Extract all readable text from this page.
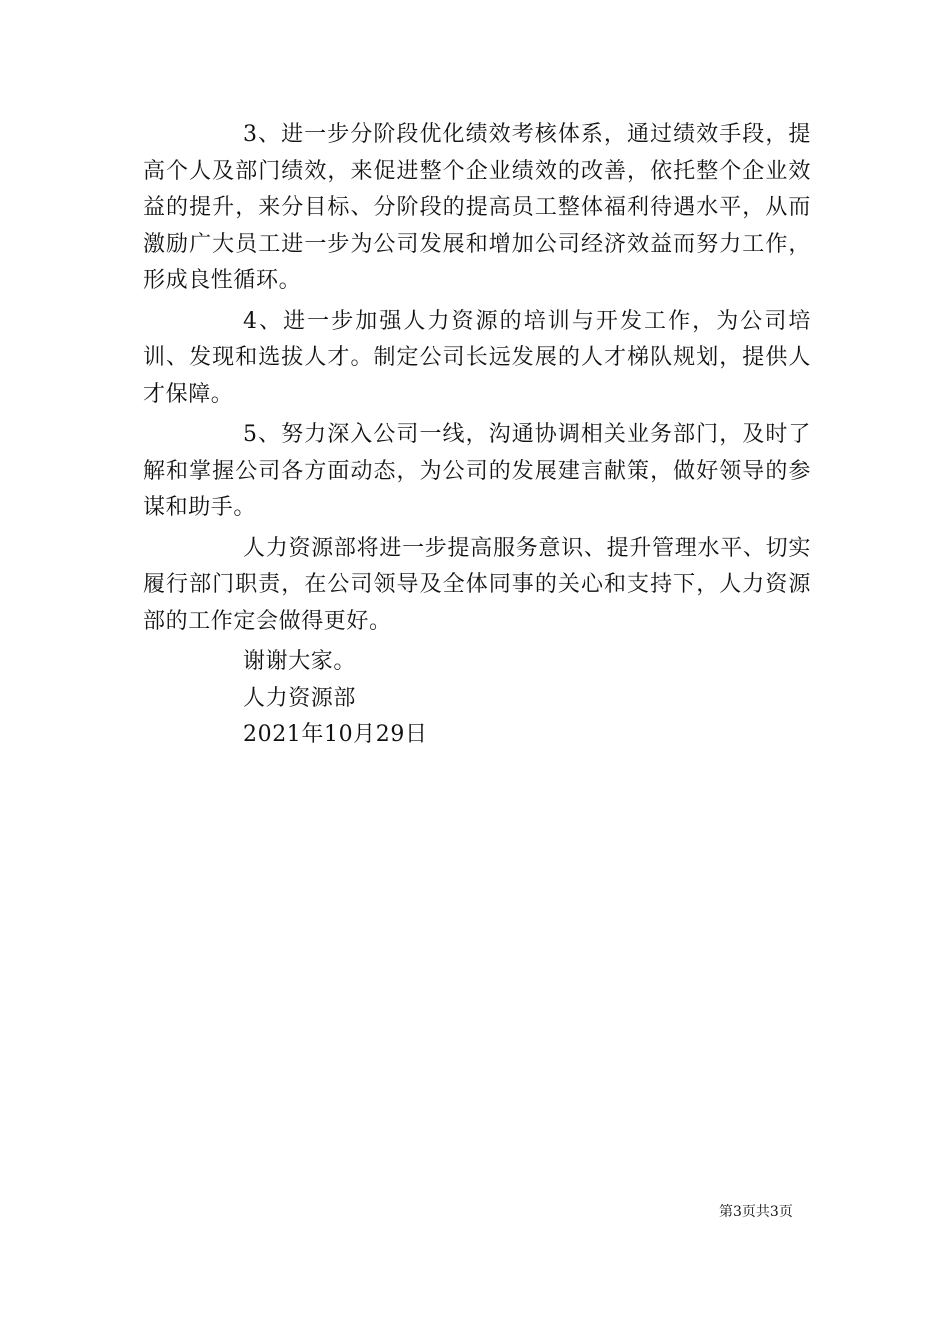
3、进一步分阶段优化绩效考核体系，通过绩效手段，提高个人及部门绩效，来促进整个企业绩效的改善，依托整个企业效益的提升，来分目标、分阶段的提高员工整体福利待遇水平，从而激励广大员工进一步为公司发展和增加公司经济效益而努力工作，形成良性循环。

4、进一步加强人力资源的培训与开发工作，为公司培训、发现和选拔人才。制定公司长远发展的人才梯队规划，提供人才保障。

5、努力深入公司一线，沟通协调相关业务部门，及时了解和掌握公司各方面动态，为公司的发展建言献策，做好领导的参谋和助手。

人力资源部将进一步提高服务意识、提升管理水平、切实履行部门职责，在公司领导及全体同事的关心和支持下，人力资源部的工作定会做得更好。

谢谢大家。

人力资源部

2021年10月29日

第3页共3页
